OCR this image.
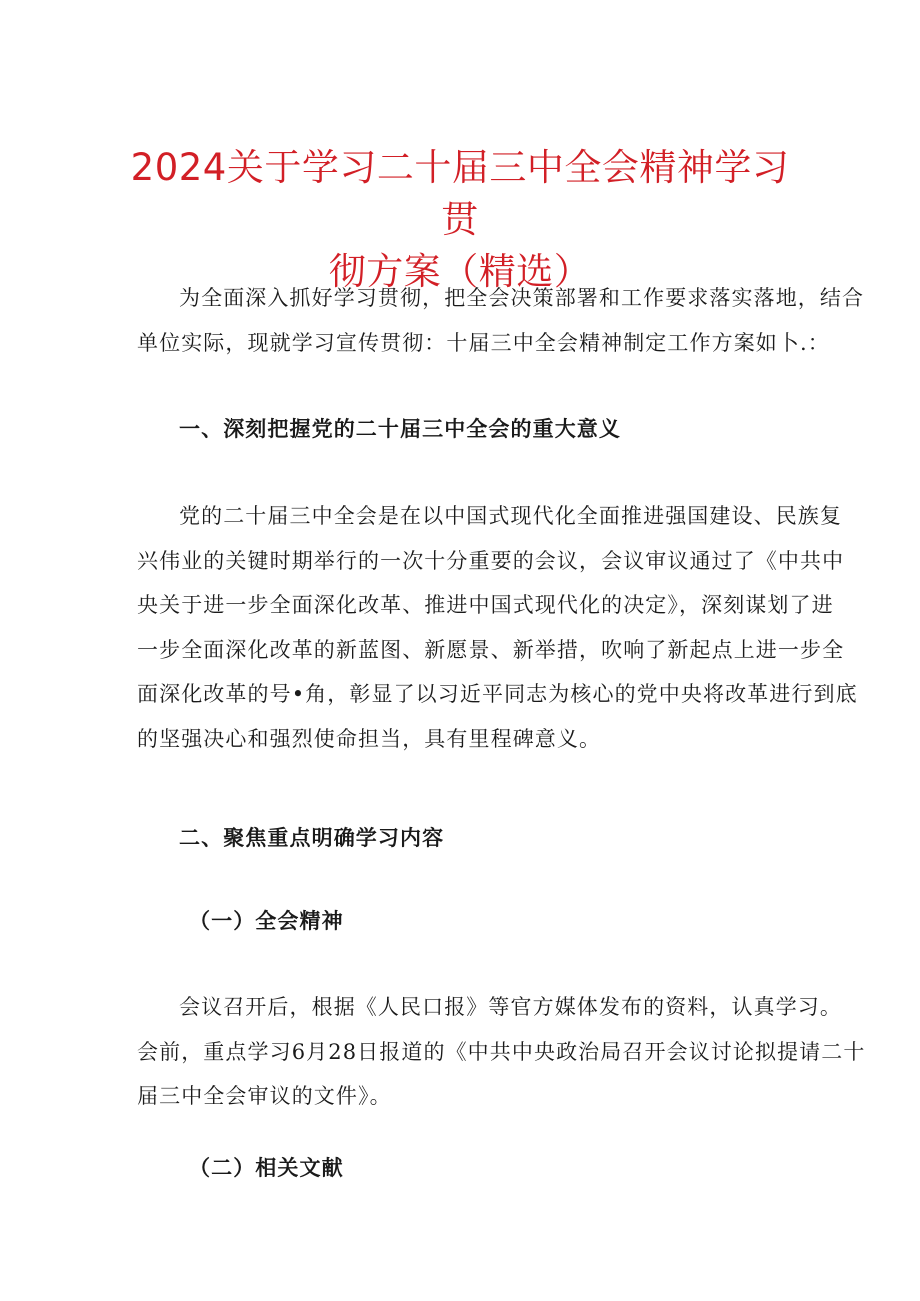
2024关于学习二十届三中全会精神学习贯
彻方案（精选）
为全面深入抓好学习贯彻，把全会决策部署和工作要求落实落地，结合
单位实际，现就学习宣传贯彻：十届三中全会精神制定工作方案如卜.：
一、深刻把握党的二十届三中全会的重大意义
党的二十届三中全会是在以中国式现代化全面推进强国建设、民族复
兴伟业的关键时期举行的一次十分重要的会议，会议审议通过了《中共中
央关于进一步全面深化改革、推进中国式现代化的决定》，深刻谋划了进
一步全面深化改革的新蓝图、新愿景、新举措，吹响了新起点上进一步全
面深化改革的号•角，彰显了以习近平同志为核心的党中央将改革进行到底
的坚强决心和强烈使命担当，具有里程碑意义。
二、聚焦重点明确学习内容
（一）全会精神
会议召开后，根据《人民口报》等官方媒体发布的资料，认真学习。
会前，重点学习6月28日报道的《中共中央政治局召开会议讨论拟提请二十
届三中全会审议的文件》。
（二）相关文献
